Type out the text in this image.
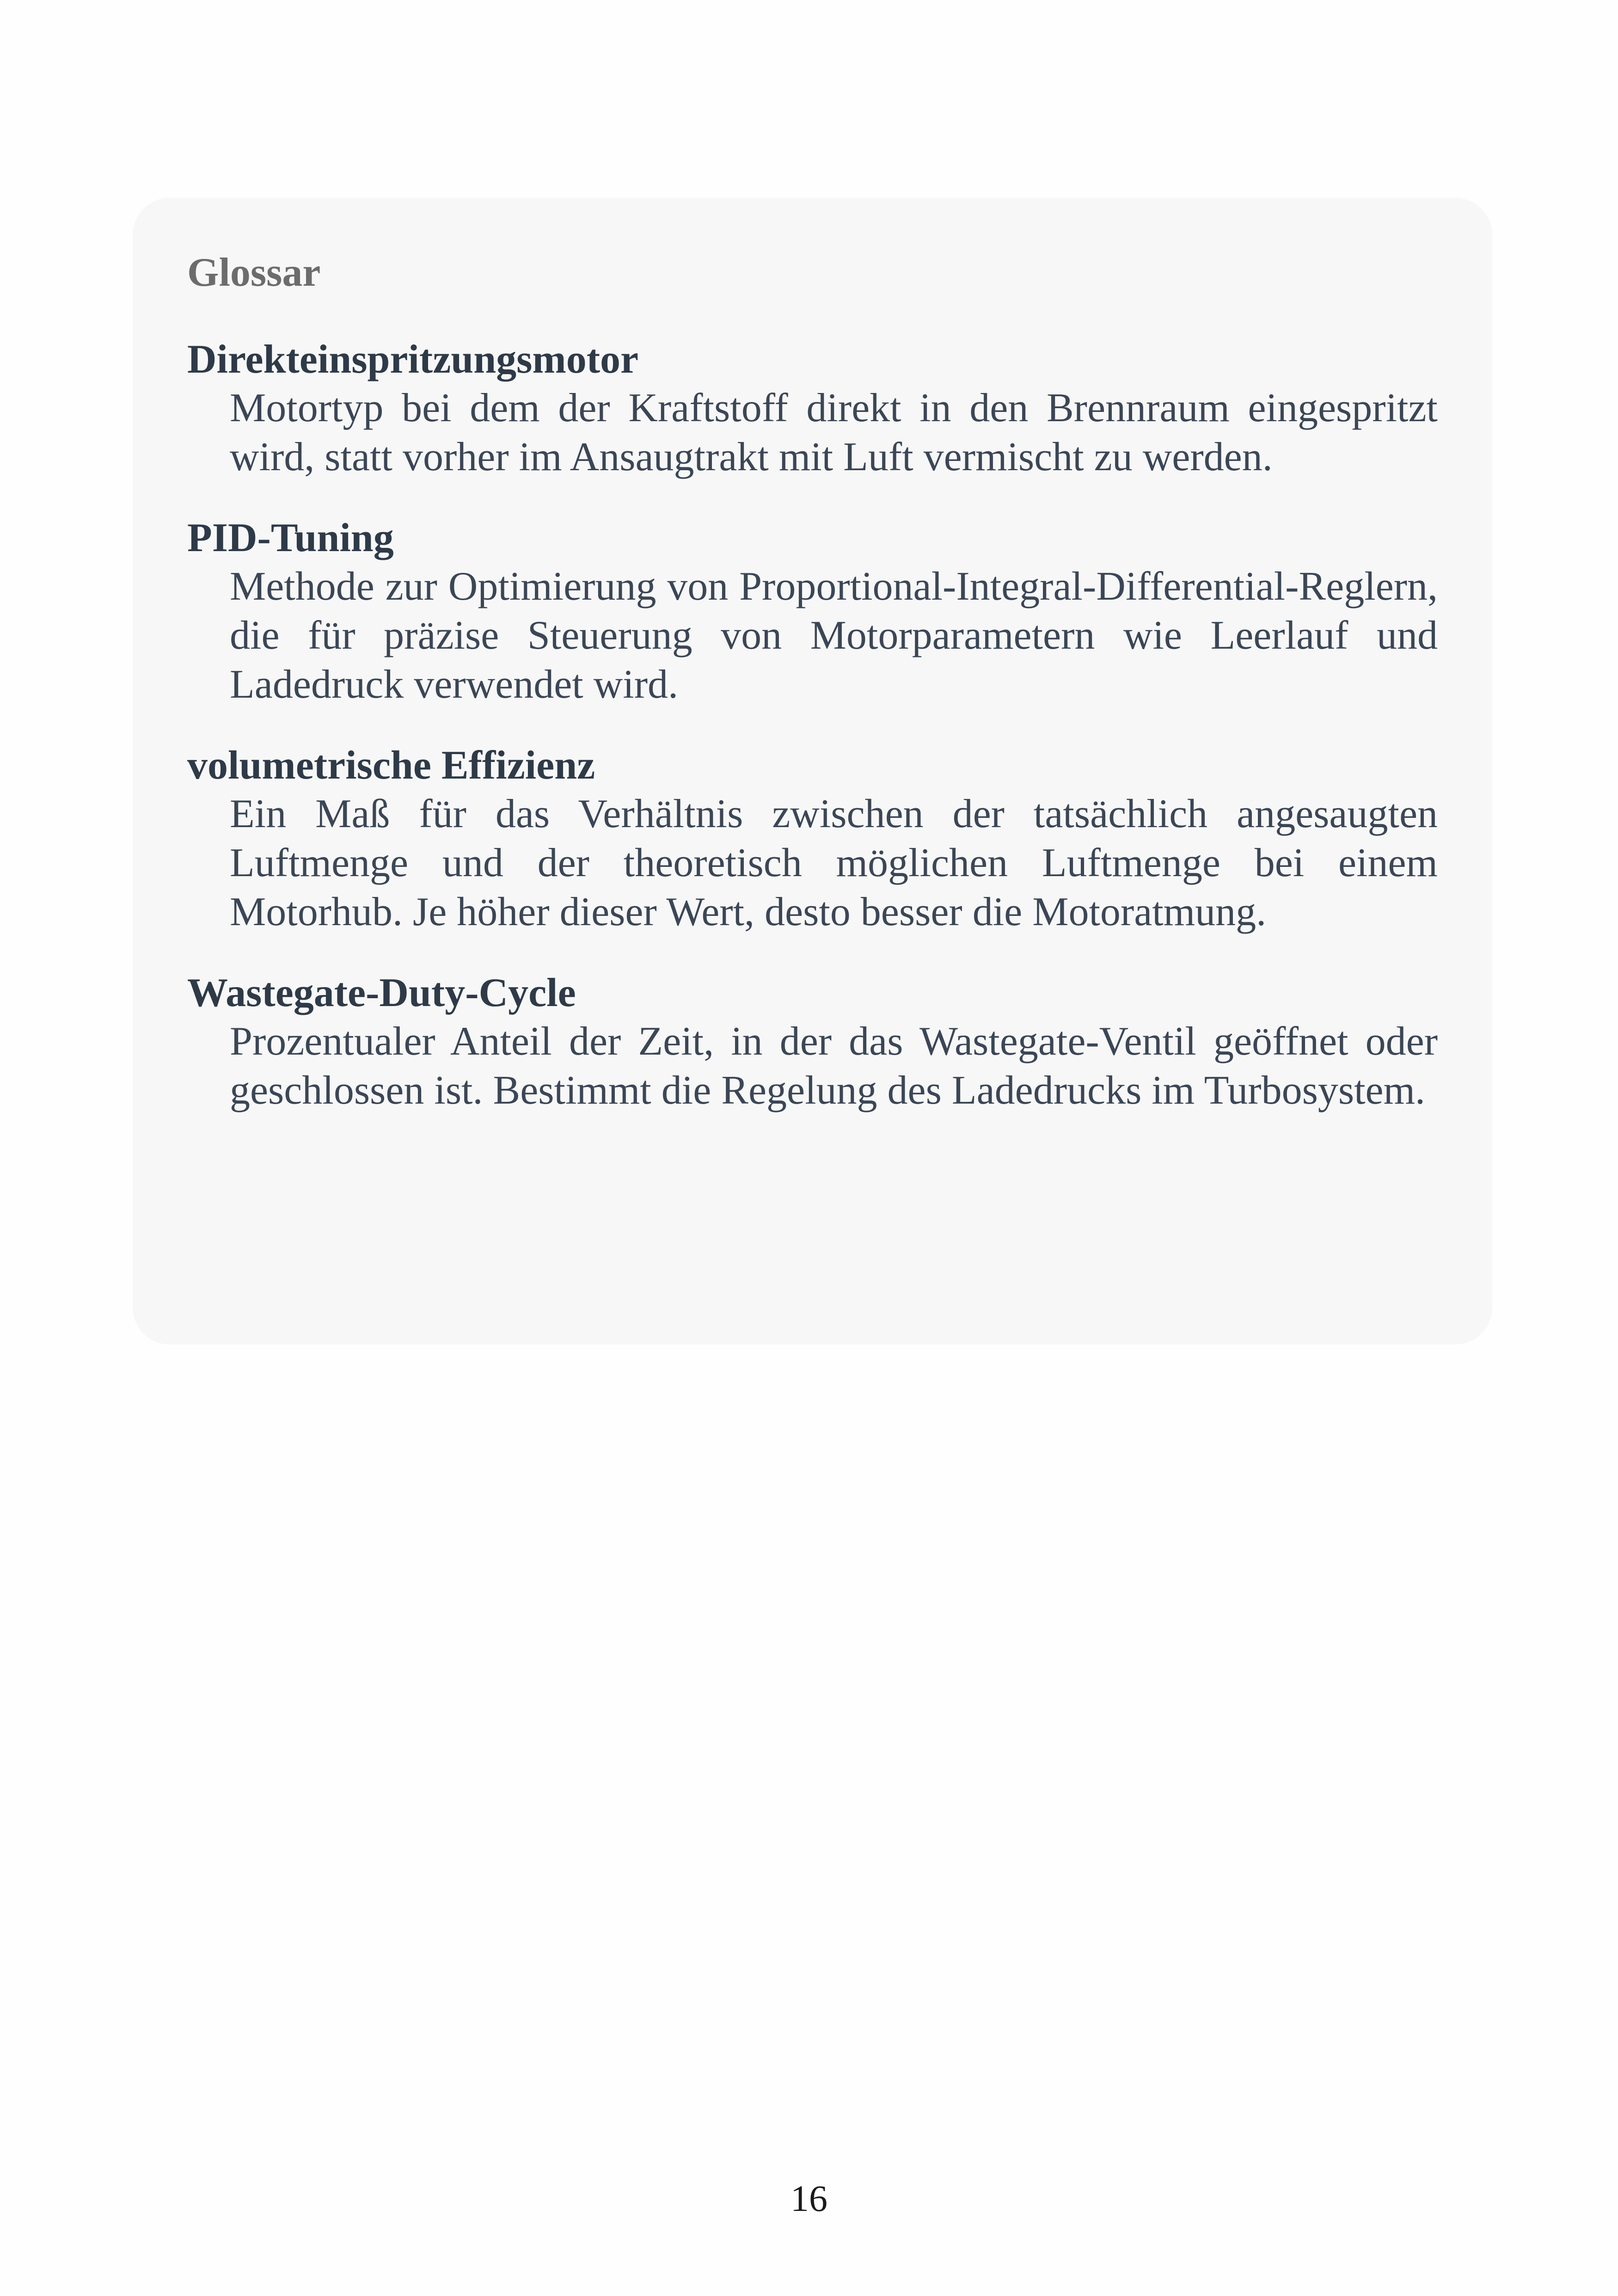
Glossar

Direkteinspritzungsmotor

Motortyp bei dem der Kraftstoff direkt in den Brennraum eingespritzt wird, statt vorher im Ansaugtrakt mit Luft vermischt zu werden.

PID-Tuning

Methode zur Optimierung von Proportional-Integral-Differential-Reglern, die für präzise Steuerung von Motorparametern wie Leerlauf und Ladedruck verwendet wird.

volumetrische Effizienz

Ein Maß für das Verhältnis zwischen der tatsächlich angesaugten Luftmenge und der theoretisch möglichen Luftmenge bei einem Motorhub. Je höher dieser Wert, desto besser die Motoratmung.

Wastegate-Duty-Cycle

Prozentualer Anteil der Zeit, in der das Wastegate-Ventil geöffnet oder geschlossen ist. Bestimmt die Regelung des Ladedrucks im Turbosystem.

16
